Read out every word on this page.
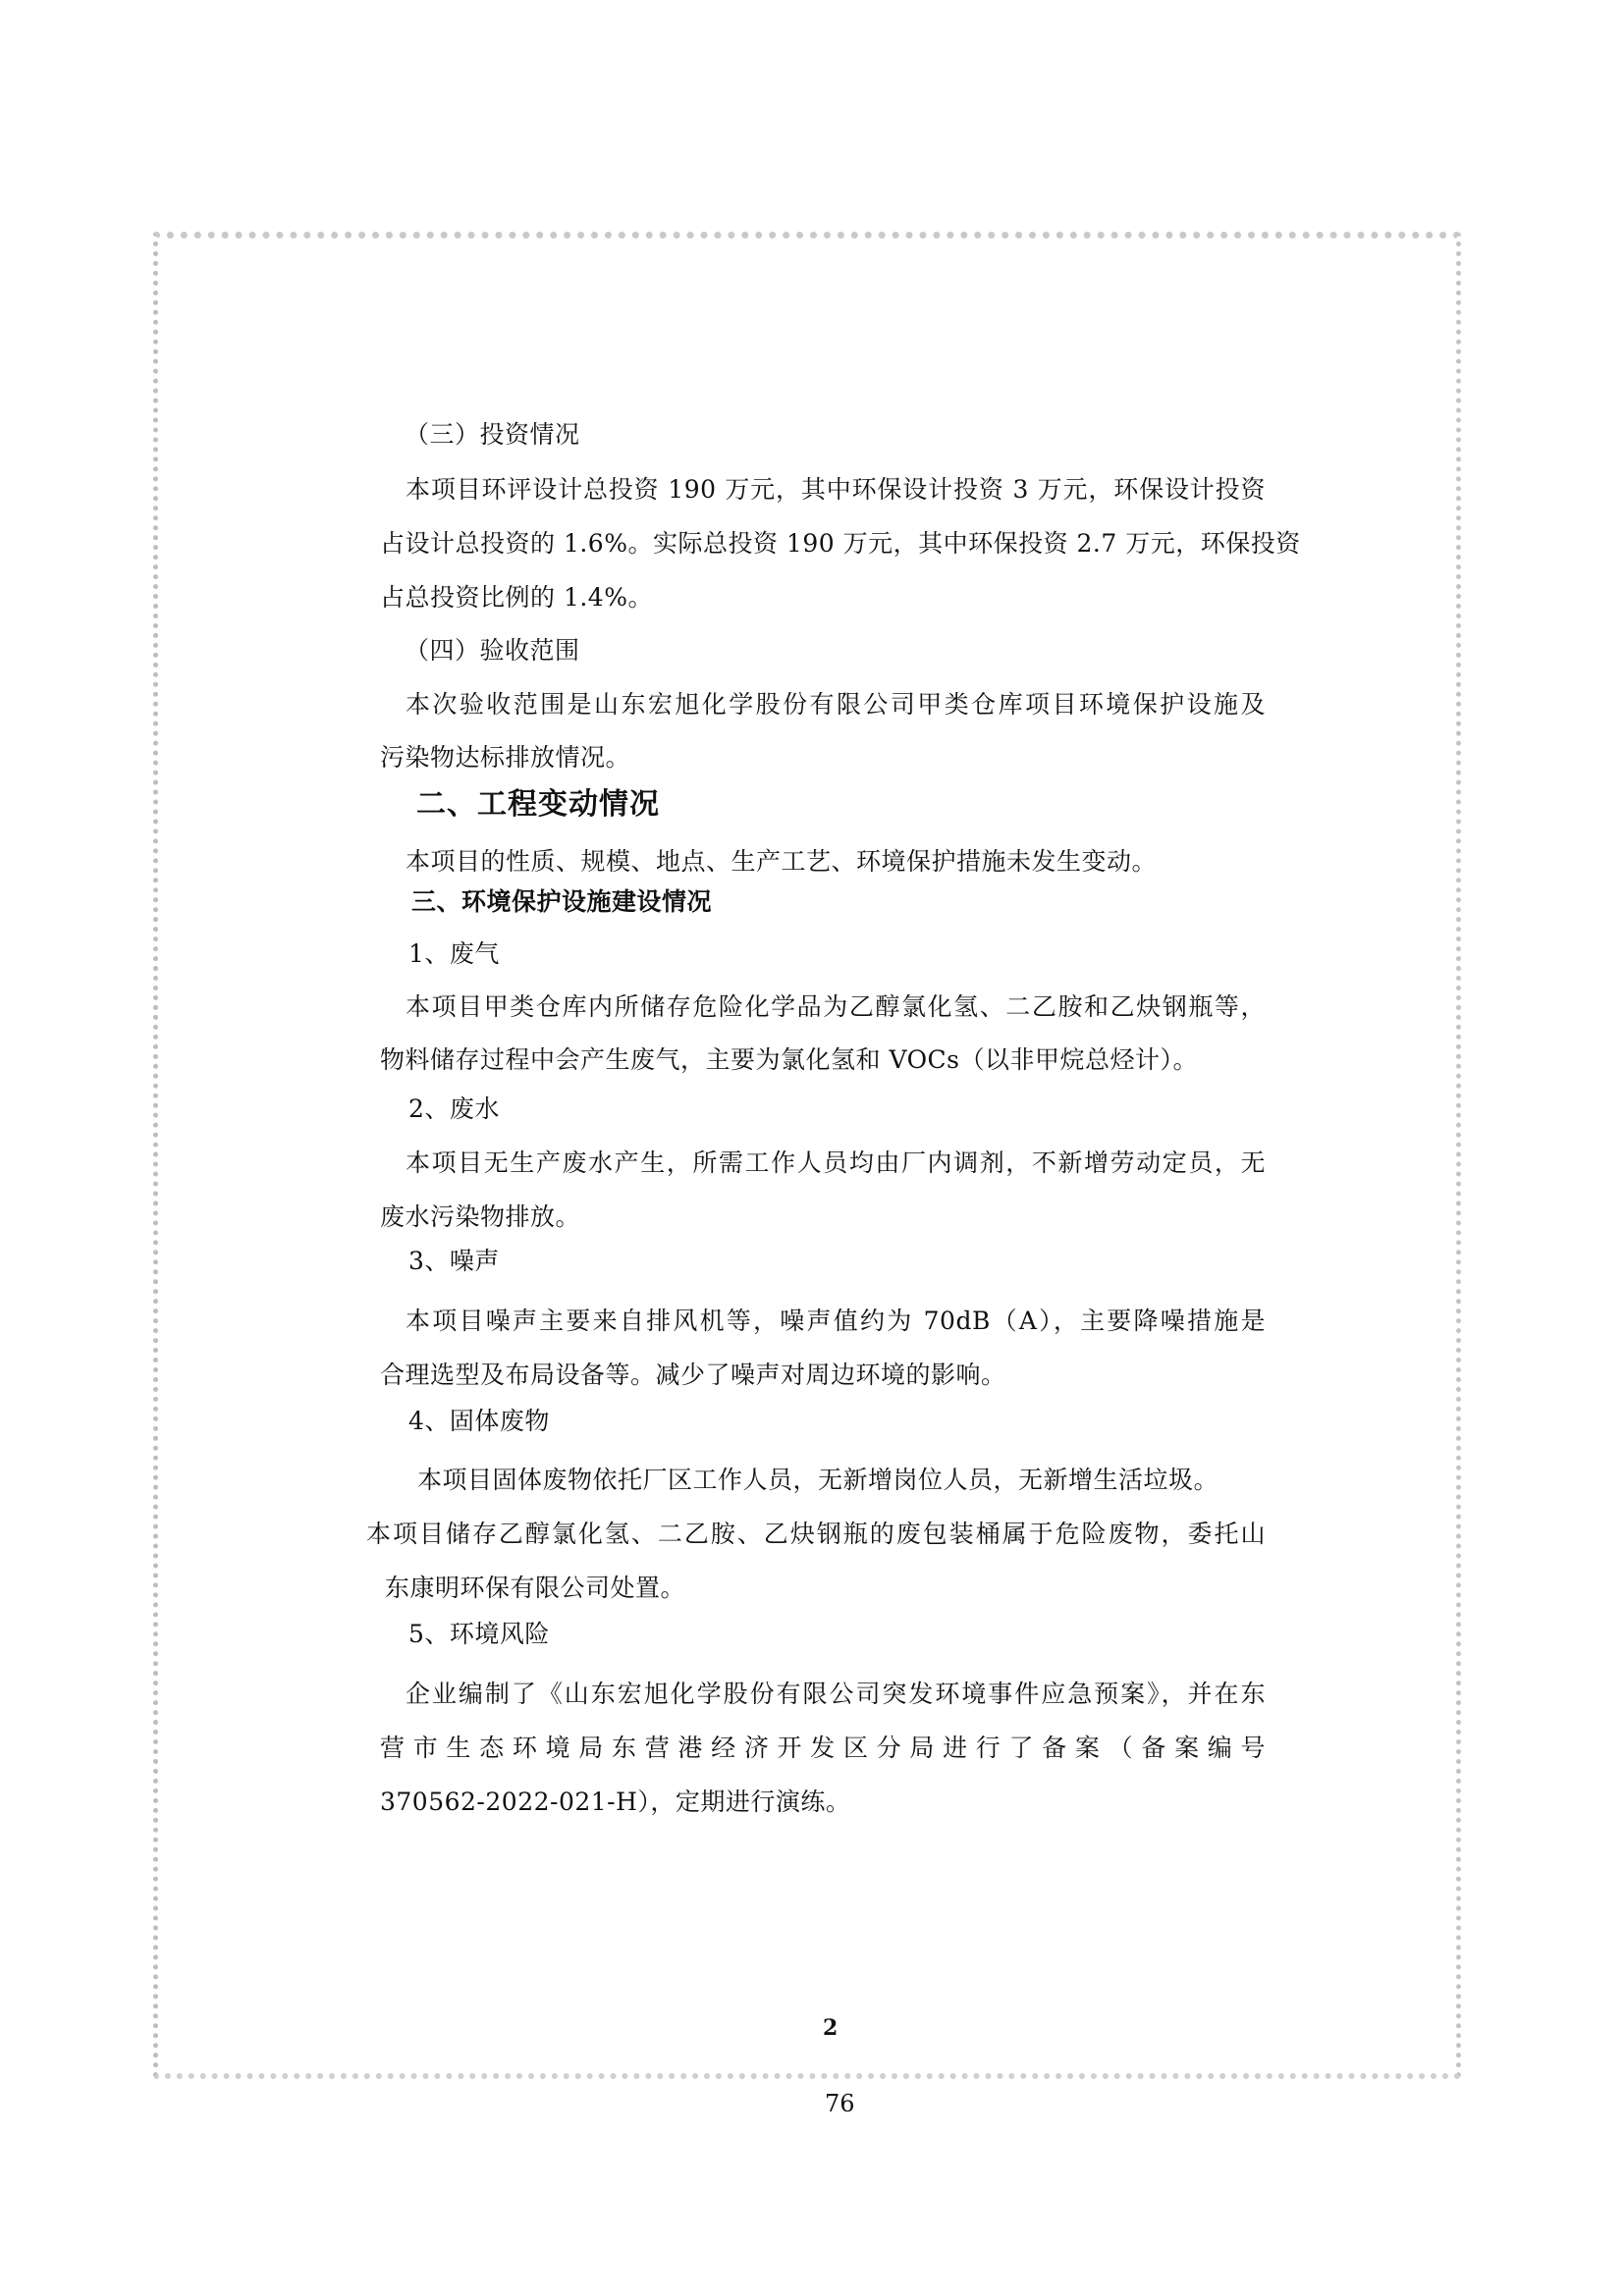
（三）投资情况
本项目环评设计总投资 190 万元，其中环保设计投资 3 万元，环保设计投资
占设计总投资的 1.6%。实际总投资 190 万元，其中环保投资 2.7 万元，环保投资
占总投资比例的 1.4%。
（四）验收范围
本次验收范围是山东宏旭化学股份有限公司甲类仓库项目环境保护设施及
污染物达标排放情况。
二、工程变动情况
本项目的性质、规模、地点、生产工艺、环境保护措施未发生变动。
三、环境保护设施建设情况
1、废气
本项目甲类仓库内所储存危险化学品为乙醇氯化氢、二乙胺和乙炔钢瓶等，
物料储存过程中会产生废气，主要为氯化氢和 VOCs（以非甲烷总烃计）。
2、废水
本项目无生产废水产生，所需工作人员均由厂内调剂，不新增劳动定员，无
废水污染物排放。
3、噪声
本项目噪声主要来自排风机等，噪声值约为 70dB（A），主要降噪措施是
合理选型及布局设备等。减少了噪声对周边环境的影响。
4、固体废物
本项目固体废物依托厂区工作人员，无新增岗位人员，无新增生活垃圾。
本项目储存乙醇氯化氢、二乙胺、乙炔钢瓶的废包装桶属于危险废物，委托山
东康明环保有限公司处置。
5、环境风险
企业编制了《山东宏旭化学股份有限公司突发环境事件应急预案》，并在东
营市生态环境局东营港经济开发区分局进行了备案（备案编号
370562-2022-021-H），定期进行演练。
2
76
